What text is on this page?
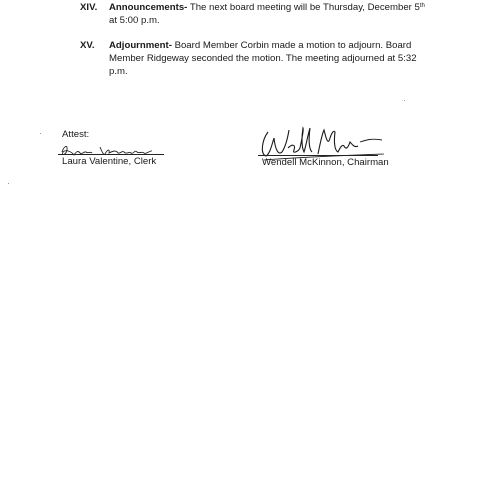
XIV. Announcements- The next board meeting will be Thursday, December 5th
at 5:00 p.m.
XV. Adjournment- Board Member Corbin made a motion to adjourn. Board
Member Ridgeway seconded the motion. The meeting adjourned at 5:32
p.m.
Attest:
Laura Valentine, Clerk	Wendell McKinnon, Chairman
